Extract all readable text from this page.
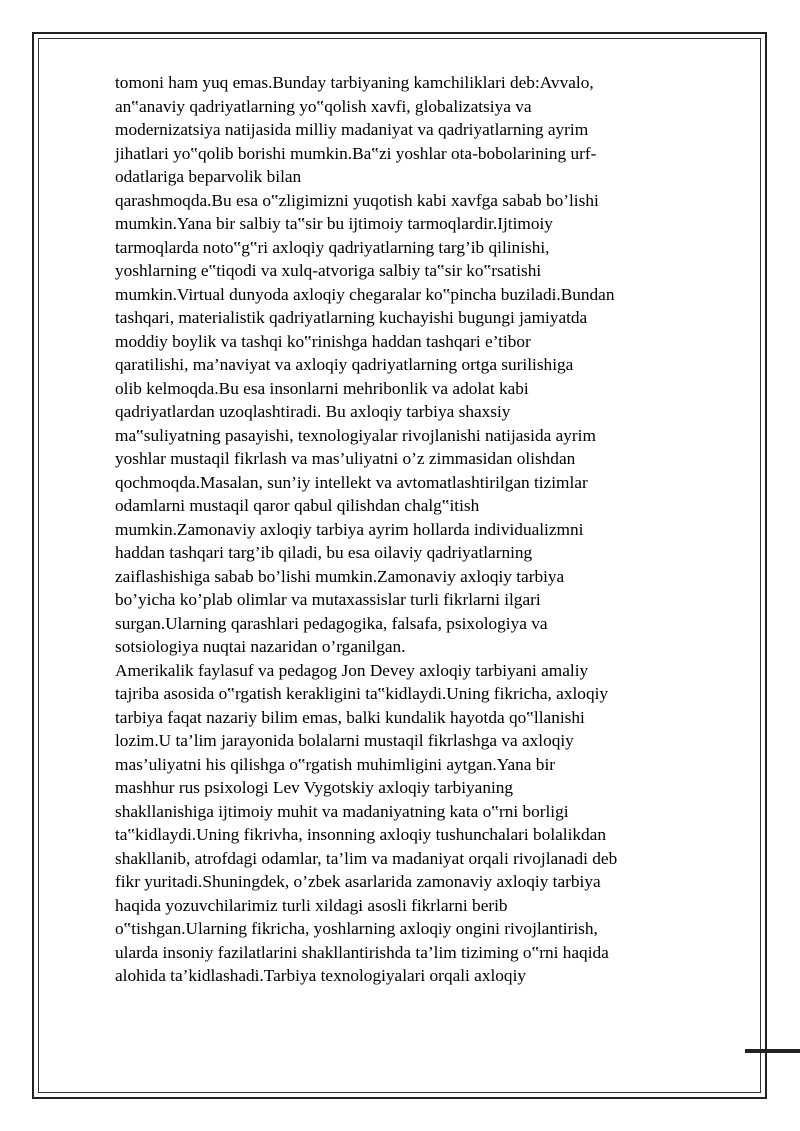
tomoni ham yuq emas.Bunday tarbiyaning kamchiliklari deb:Avvalo,
an‟anaviy qadriyatlarning yo‟qolish xavfi, globalizatsiya va
modernizatsiya natijasida milliy madaniyat va qadriyatlarning ayrim
jihatlari yo‟qolib borishi mumkin.Ba‟zi yoshlar ota-bobolarining urf-
odatlariga beparvolik bilan
qarashmoqda.Bu esa o‟zligimizni yuqotish kabi xavfga sabab bo’lishi
mumkin.Yana bir salbiy ta‟sir bu ijtimoiy tarmoqlardir.Ijtimoiy
tarmoqlarda noto‟g‟ri axloqiy qadriyatlarning targ’ib qilinishi,
yoshlarning e‟tiqodi va xulq-atvoriga salbiy ta‟sir ko‟rsatishi
mumkin.Virtual dunyoda axloqiy chegaralar ko‟pincha buziladi.Bundan
tashqari, materialistik qadriyatlarning kuchayishi bugungi jamiyatda
moddiy boylik va tashqi ko‟rinishga haddan tashqari e’tibor
qaratilishi, ma’naviyat va axloqiy qadriyatlarning ortga surilishiga
olib kelmoqda.Bu esa insonlarni mehribonlik va adolat kabi
qadriyatlardan uzoqlashtiradi. Bu axloqiy tarbiya shaxsiy
ma‟suliyatning pasayishi, texnologiyalar rivojlanishi natijasida ayrim
yoshlar mustaqil fikrlash va mas’uliyatni o’z zimmasidan olishdan
qochmoqda.Masalan, sun’iy intellekt va avtomatlashtirilgan tizimlar
odamlarni mustaqil qaror qabul qilishdan chalg‟itish
mumkin.Zamonaviy axloqiy tarbiya ayrim hollarda individualizmni
haddan tashqari targ’ib qiladi, bu esa oilaviy qadriyatlarning
zaiflashishiga sabab bo’lishi mumkin.Zamonaviy axloqiy tarbiya
bo’yicha ko’plab olimlar va mutaxassislar turli fikrlarni ilgari
surgan.Ularning qarashlari pedagogika, falsafa, psixologiya va
sotsiologiya nuqtai nazaridan o’rganilgan.
Amerikalik faylasuf va pedagog Jon Devey axloqiy tarbiyani amaliy
tajriba asosida o‟rgatish kerakligini ta‟kidlaydi.Uning fikricha, axloqiy
tarbiya faqat nazariy bilim emas, balki kundalik hayotda qo‟llanishi
lozim.U ta’lim jarayonida bolalarni mustaqil fikrlashga va axloqiy
mas’uliyatni his qilishga o‟rgatish muhimligini aytgan.Yana bir
mashhur rus psixologi Lev Vygotskiy axloqiy tarbiyaning
shakllanishiga ijtimoiy muhit va madaniyatning kata o‟rni borligi
ta‟kidlaydi.Uning fikrivha, insonning axloqiy tushunchalari bolalikdan
shakllanib, atrofdagi odamlar, ta’lim va madaniyat orqali rivojlanadi deb
fikr yuritadi.Shuningdek, o’zbek asarlarida zamonaviy axloqiy tarbiya
haqida yozuvchilarimiz turli xildagi asosli fikrlarni berib
o‟tishgan.Ularning fikricha, yoshlarning axloqiy ongini rivojlantirish,
ularda insoniy fazilatlarini shakllantirishda ta’lim tiziming o‟rni haqida
alohida ta’kidlashadi.Tarbiya texnologiyalari orqali axloqiy
